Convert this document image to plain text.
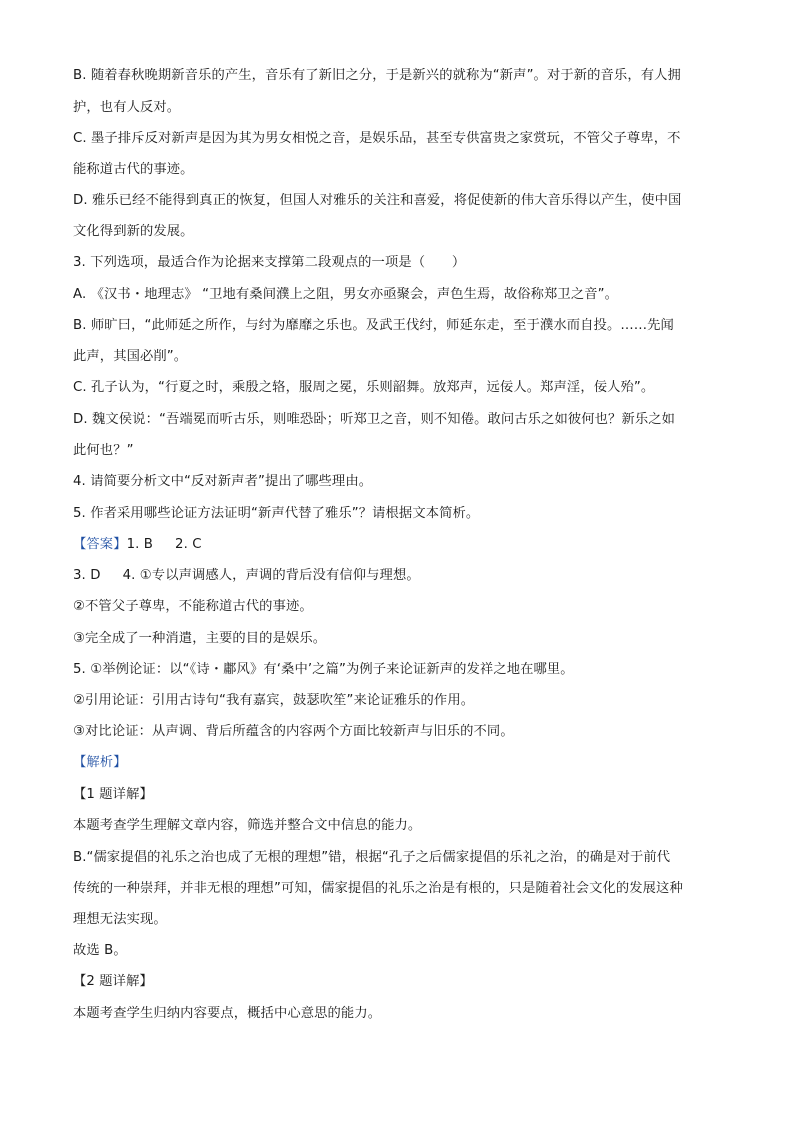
B. 随着春秋晚期新音乐的产生，音乐有了新旧之分，于是新兴的就称为“新声”。对于新的音乐，有人拥
护，也有人反对。
C. 墨子排斥反对新声是因为其为男女相悦之音，是娱乐品，甚至专供富贵之家赏玩，不管父子尊卑，不
能称道古代的事迹。
D. 雅乐已经不能得到真正的恢复，但国人对雅乐的关注和喜爱，将促使新的伟大音乐得以产生，使中国
文化得到新的发展。
3. 下列选项，最适合作为论据来支撑第二段观点的一项是（　　）
A. 《汉书・地理志》 “卫地有桑间濮上之阻，男女亦亟聚会，声色生焉，故俗称郑卫之音”。
B. 师旷曰，“此师延之所作，与纣为靡靡之乐也。及武王伐纣，师延东走，至于濮水而自投。……先闻
此声，其国必削”。
C. 孔子认为，“行夏之时，乘殷之辂，服周之冕，乐则韶舞。放郑声，远佞人。郑声淫，佞人殆”。
D. 魏文侯说：“吾端冕而听古乐，则唯恐卧；听郑卫之音，则不知倦。敢问古乐之如彼何也？新乐之如
此何也？”
4. 请简要分析文中“反对新声者”提出了哪些理由。
5. 作者采用哪些论证方法证明“新声代替了雅乐”？请根据文本简析。
【答案】1. B 2. C
3. D 4. ①专以声调感人，声调的背后没有信仰与理想。
②不管父子尊卑，不能称道古代的事迹。
③完全成了一种消遣，主要的目的是娱乐。
5. ①举例论证：以“《诗・鄘风》有‘桑中’之篇”为例子来论证新声的发祥之地在哪里。
②引用论证：引用古诗句“我有嘉宾，鼓瑟吹笙”来论证雅乐的作用。
③对比论证：从声调、背后所蕴含的内容两个方面比较新声与旧乐的不同。
【解析】
【1 题详解】
本题考查学生理解文章内容，筛选并整合文中信息的能力。
B.“儒家提倡的礼乐之治也成了无根的理想”错，根据“孔子之后儒家提倡的乐礼之治，的确是对于前代
传统的一种崇拜，并非无根的理想”可知，儒家提倡的礼乐之治是有根的，只是随着社会文化的发展这种
理想无法实现。
故选 B。
【2 题详解】
本题考查学生归纳内容要点，概括中心意思的能力。
